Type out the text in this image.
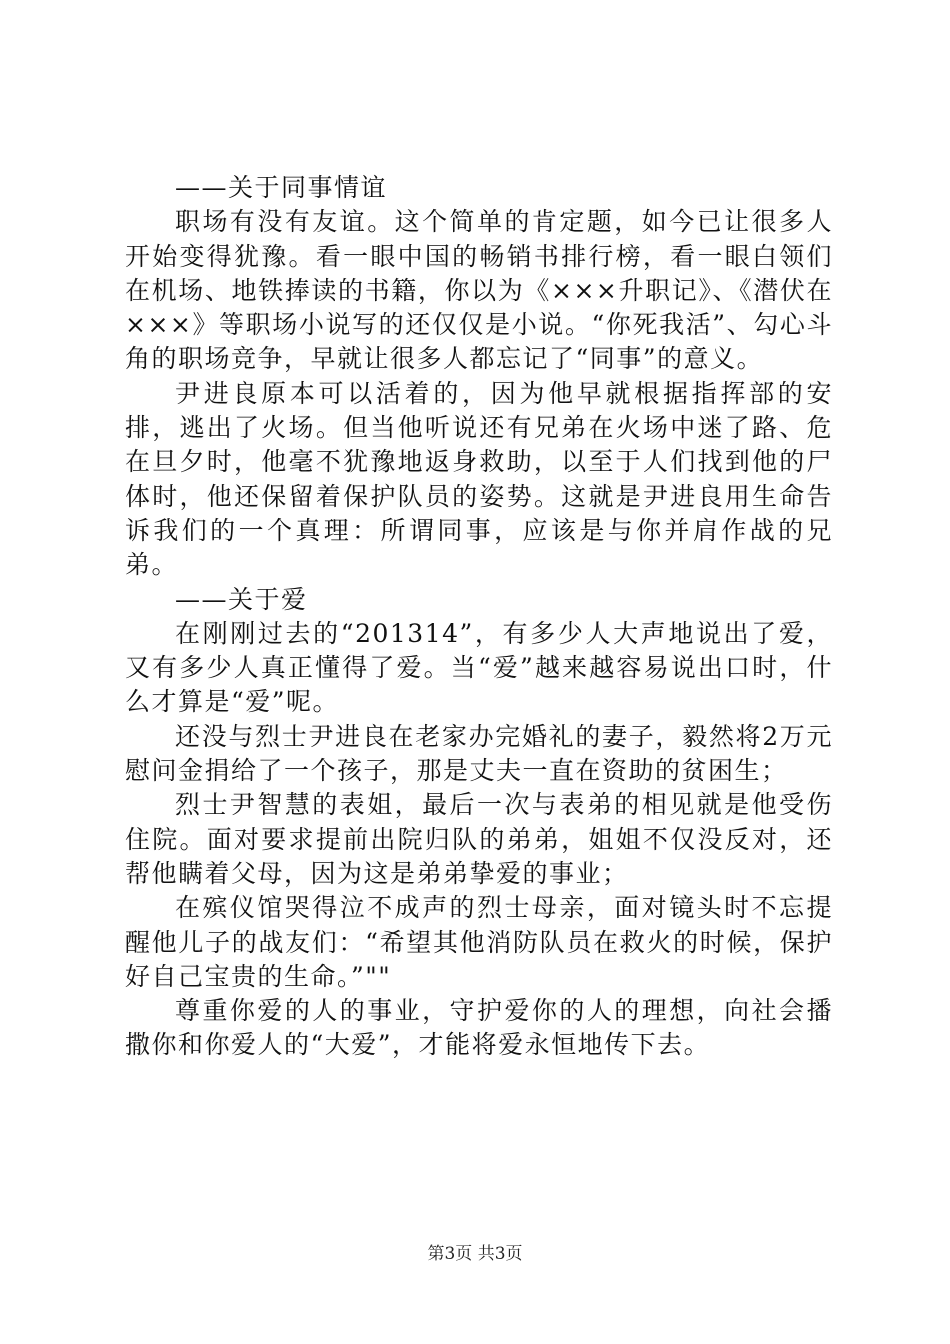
——关于同事情谊

职场有没有友谊。这个简单的肯定题，如今已让很多人开始变得犹豫。看一眼中国的畅销书排行榜，看一眼白领们在机场、地铁捧读的书籍，你以为《×××升职记》、《潜伏在×××》等职场小说写的还仅仅是小说。“你死我活”、勾心斗角的职场竞争，早就让很多人都忘记了“同事”的意义。

尹进良原本可以活着的，因为他早就根据指挥部的安排，逃出了火场。但当他听说还有兄弟在火场中迷了路、危在旦夕时，他毫不犹豫地返身救助，以至于人们找到他的尸体时，他还保留着保护队员的姿势。这就是尹进良用生命告诉我们的一个真理：所谓同事，应该是与你并肩作战的兄弟。

——关于爱

在刚刚过去的“201314”，有多少人大声地说出了爱，又有多少人真正懂得了爱。当“爱”越来越容易说出口时，什么才算是“爱”呢。

还没与烈士尹进良在老家办完婚礼的妻子，毅然将2万元慰问金捐给了一个孩子，那是丈夫一直在资助的贫困生；

烈士尹智慧的表姐，最后一次与表弟的相见就是他受伤住院。面对要求提前出院归队的弟弟，姐姐不仅没反对，还帮他瞒着父母，因为这是弟弟挚爱的事业；

在殡仪馆哭得泣不成声的烈士母亲，面对镜头时不忘提醒他儿子的战友们：“希望其他消防队员在救火的时候，保护好自己宝贵的生命。”""

尊重你爱的人的事业，守护爱你的人的理想，向社会播撒你和你爱人的“大爱”，才能将爱永恒地传下去。

第3页 共3页
